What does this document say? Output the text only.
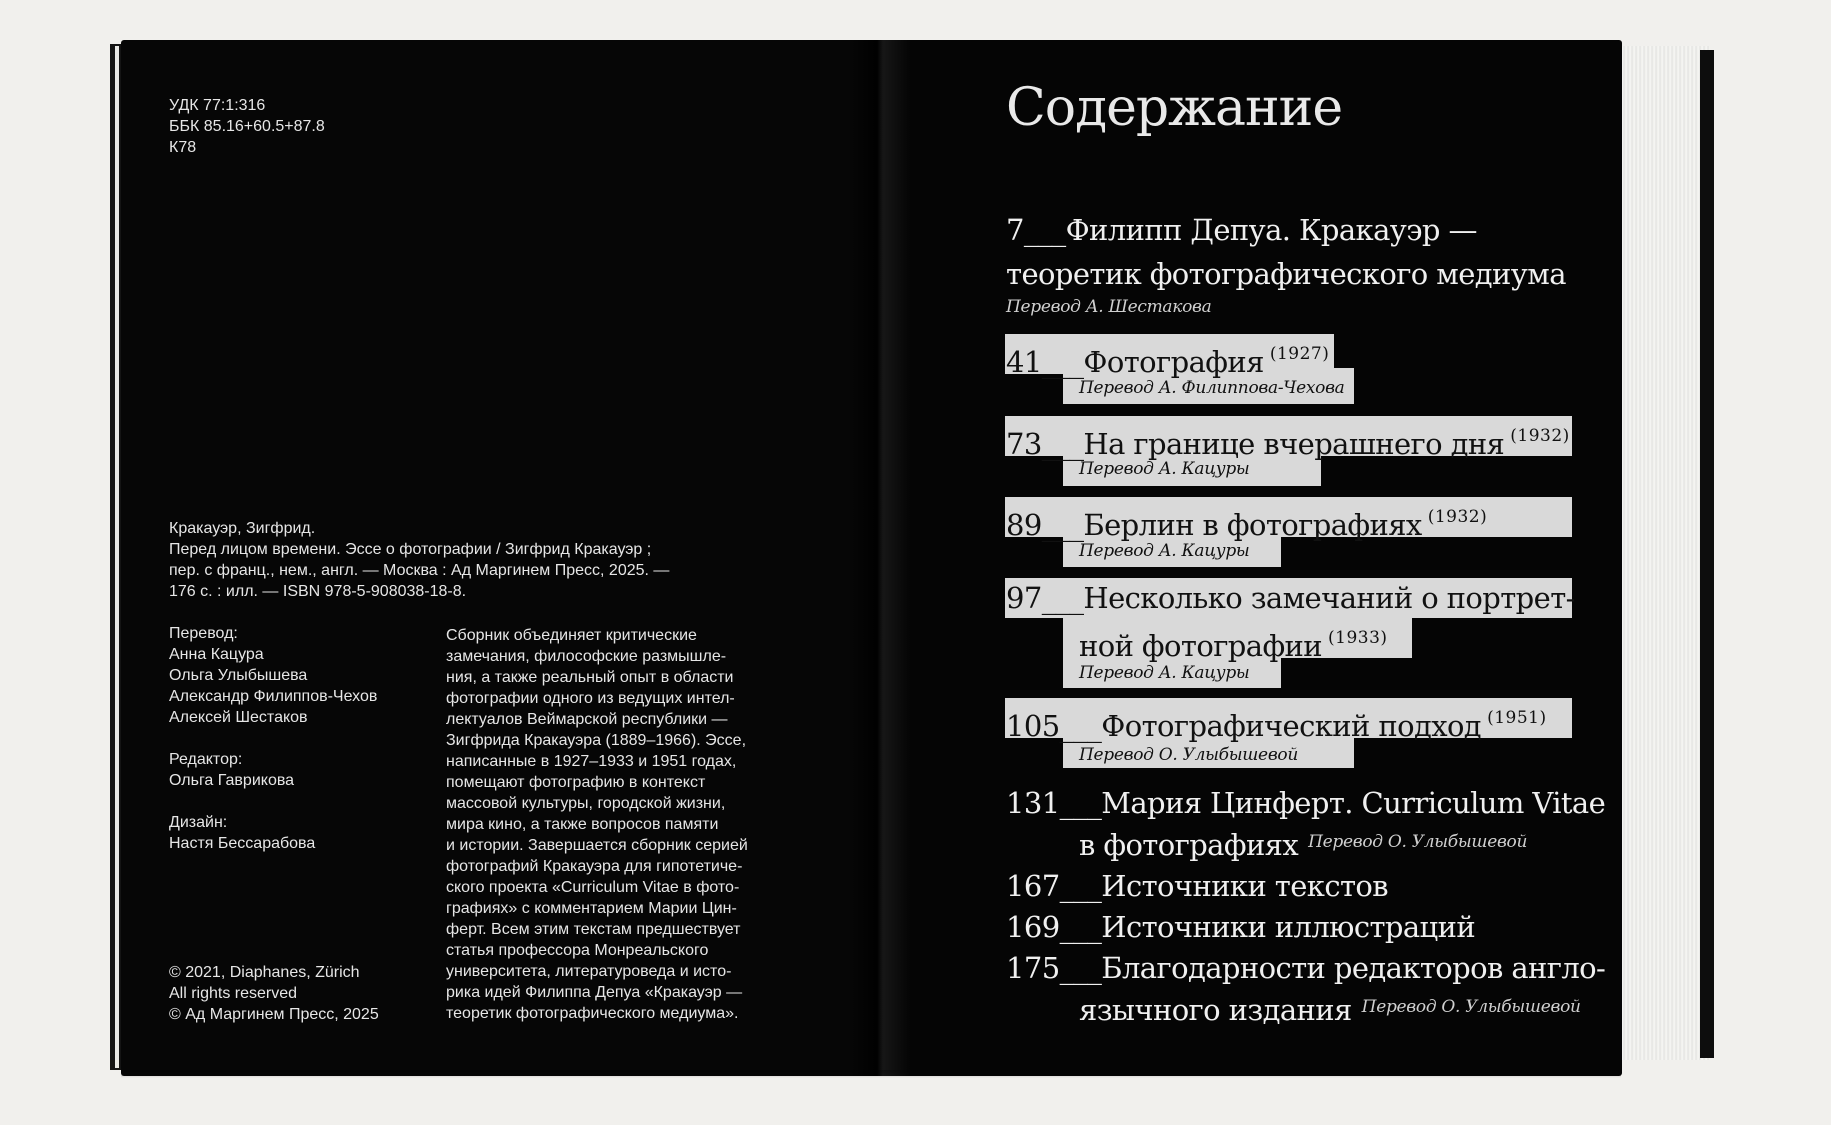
УДК 77:1:316
ББК 85.16+60.5+87.8
К78
Кракауэр, Зигфрид.
Перед лицом времени. Эссе о фотографии / Зигфрид Кракауэр ;
пер. с франц., нем., англ. — Москва : Ад Маргинем Пресс, 2025. —
176 с. : илл. — ISBN 978-5-908038-18-8.
Перевод:
Анна Кацура
Ольга Улыбышева
Александр Филиппов-Чехов
Алексей Шестаков
Редактор:
Ольга Гаврикова
Дизайн:
Настя Бессарабова
Сборник объединяет критические
замечания, философские размышле-
ния, а также реальный опыт в области
фотографии одного из ведущих интел-
лектуалов Веймарской республики —
Зигфрида Кракауэра (1889–1966). Эссе,
написанные в 1927–1933 и 1951 годах,
помещают фотографию в контекст
массовой культуры, городской жизни,
мира кино, а также вопросов памяти
и истории. Завершается сборник серией
фотографий Кракауэра для гипотетиче-
ского проекта «Curriculum Vitae в фото-
графиях» с комментарием Марии Цин-
ферт. Всем этим текстам предшествует
статья профессора Монреальского
университета, литературоведа и исто-
рика идей Филиппа Депуа «Кракауэр —
теоретик фотографического медиума».
© 2021, Diaphanes, Zürich
All rights reserved
© Ад Маргинем Пресс, 2025
Содержание
7___Филипп Депуа. Кракауэр —
теоретик фотографического медиума
Перевод А. Шестакова
41___Фотография $^{(1927)}$
Перевод А. Филиппова-Чехова
73___На границе вчерашнего дня $^{(1932)}$
Перевод А. Кацуры
89___Берлин в фотографиях $^{(1932)}$
Перевод А. Кацуры
97___Несколько замечаний о портрет-
ной фотографии $^{(1933)}$
Перевод А. Кацуры
105___Фотографический подход $^{(1951)}$
Перевод О. Улыбышевой
131___Мария Цинферт. Curriculum Vitae
в фотографиях $^{Перевод О. Улыбышевой}$
167___Источники текстов
169___Источники иллюстраций
175___Благодарности редакторов англо-
язычного издания $^{Перевод О. Улыбышевой}$
